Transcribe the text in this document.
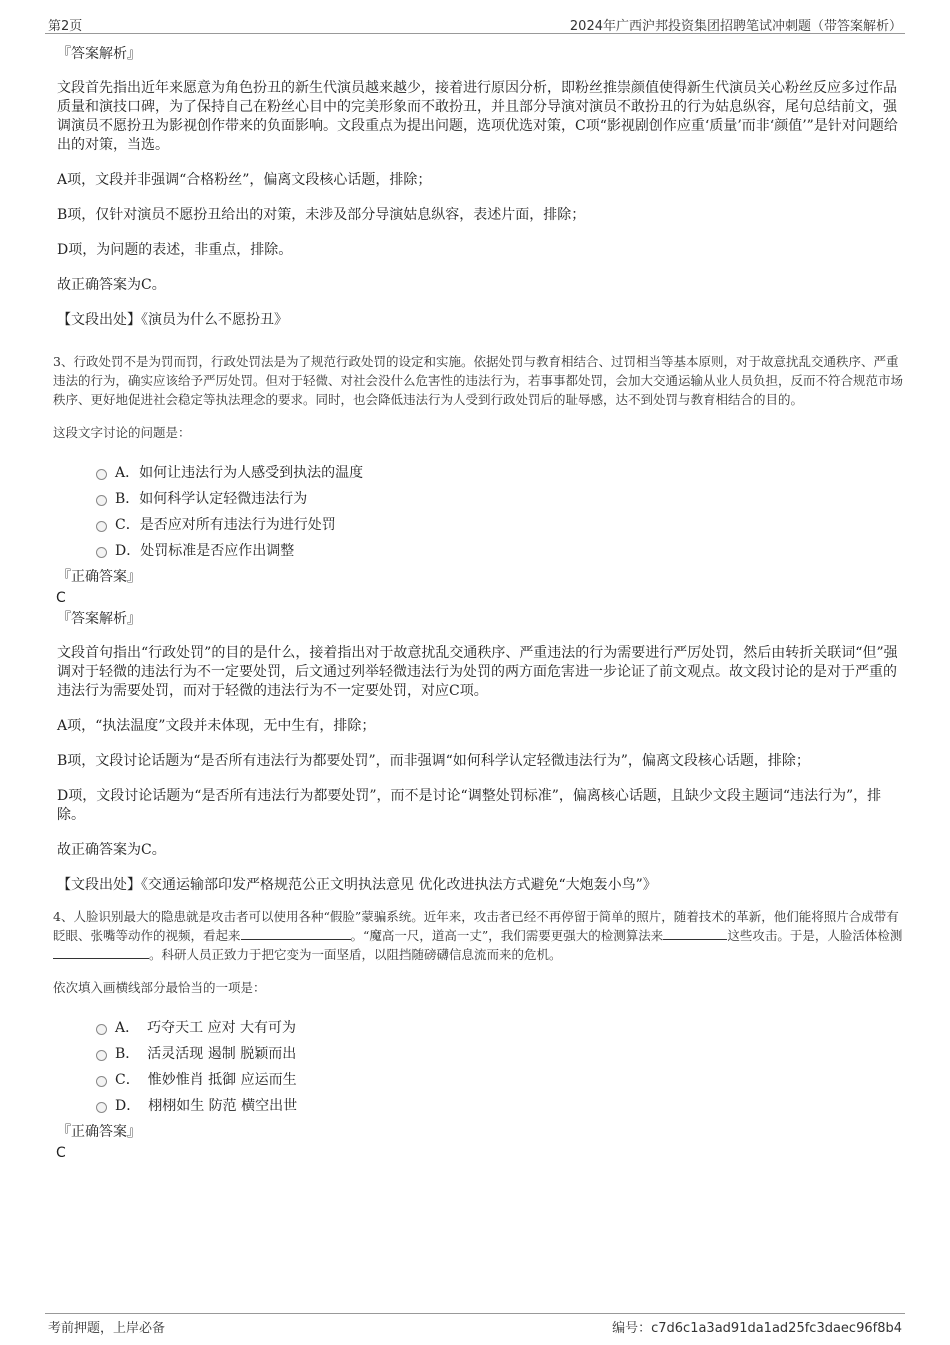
第2页	2024年广西沪邦投资集团招聘笔试冲刺题（带答案解析）
『答案解析』

文段首先指出近年来愿意为角色扮丑的新生代演员越来越少，接着进行原因分析，即粉丝推崇颜值使得新生代演员关心粉丝反应多过作品质量和演技口碑，为了保持自己在粉丝心目中的完美形象而不敢扮丑，并且部分导演对演员不敢扮丑的行为姑息纵容，尾句总结前文，强调演员不愿扮丑为影视创作带来的负面影响。文段重点为提出问题，选项优选对策，C项“影视剧创作应重‘质量’而非‘颜值’”是针对问题给出的对策，当选。

A项，文段并非强调“合格粉丝”，偏离文段核心话题，排除；

B项，仅针对演员不愿扮丑给出的对策，未涉及部分导演姑息纵容，表述片面，排除；

D项，为问题的表述，非重点，排除。

故正确答案为C。

【文段出处】《演员为什么不愿扮丑》

3、行政处罚不是为罚而罚，行政处罚法是为了规范行政处罚的设定和实施。依据处罚与教育相结合、过罚相当等基本原则，对于故意扰乱交通秩序、严重违法的行为，确实应该给予严厉处罚。但对于轻微、对社会没什么危害性的违法行为，若事事都处罚，会加大交通运输从业人员负担，反而不符合规范市场秩序、更好地促进社会稳定等执法理念的要求。同时，也会降低违法行为人受到行政处罚后的耻辱感，达不到处罚与教育相结合的目的。

这段文字讨论的问题是：

A．如何让违法行为人感受到执法的温度
B．如何科学认定轻微违法行为
C．是否应对所有违法行为进行处罚
D．处罚标准是否应作出调整
『正确答案』
C
『答案解析』

文段首句指出“行政处罚”的目的是什么，接着指出对于故意扰乱交通秩序、严重违法的行为需要进行严厉处罚，然后由转折关联词“但”强调对于轻微的违法行为不一定要处罚，后文通过列举轻微违法行为处罚的两方面危害进一步论证了前文观点。故文段讨论的是对于严重的违法行为需要处罚，而对于轻微的违法行为不一定要处罚，对应C项。

A项，“执法温度”文段并未体现，无中生有，排除；

B项，文段讨论话题为“是否所有违法行为都要处罚”，而非强调“如何科学认定轻微违法行为”，偏离文段核心话题，排除；

D项，文段讨论话题为“是否所有违法行为都要处罚”，而不是讨论“调整处罚标准”，偏离核心话题，且缺少文段主题词“违法行为”，排除。

故正确答案为C。

【文段出处】《交通运输部印发严格规范公正文明执法意见 优化改进执法方式避免“大炮轰小鸟”》

4、人脸识别最大的隐患就是攻击者可以使用各种“假脸”蒙骗系统。近年来，攻击者已经不再停留于简单的照片，随着技术的革新，他们能将照片合成带有眨眼、张嘴等动作的视频，看起来	。“魔高一尺，道高一丈”，我们需要更强大的检测算法来	这些攻击。于是，人脸活体检测。科研人员正致力于把它变为一面坚盾，以阻挡随磅礴信息流而来的危机。

依次填入画横线部分最恰当的一项是：

A． 巧夺天工 应对 大有可为
B． 活灵活现 遏制 脱颖而出
C． 惟妙惟肖 抵御 应运而生
D． 栩栩如生 防范 横空出世
『正确答案』
C
考前押题，上岸必备	编号：c7d6c1a3ad91da1ad25fc3daec96f8b4
